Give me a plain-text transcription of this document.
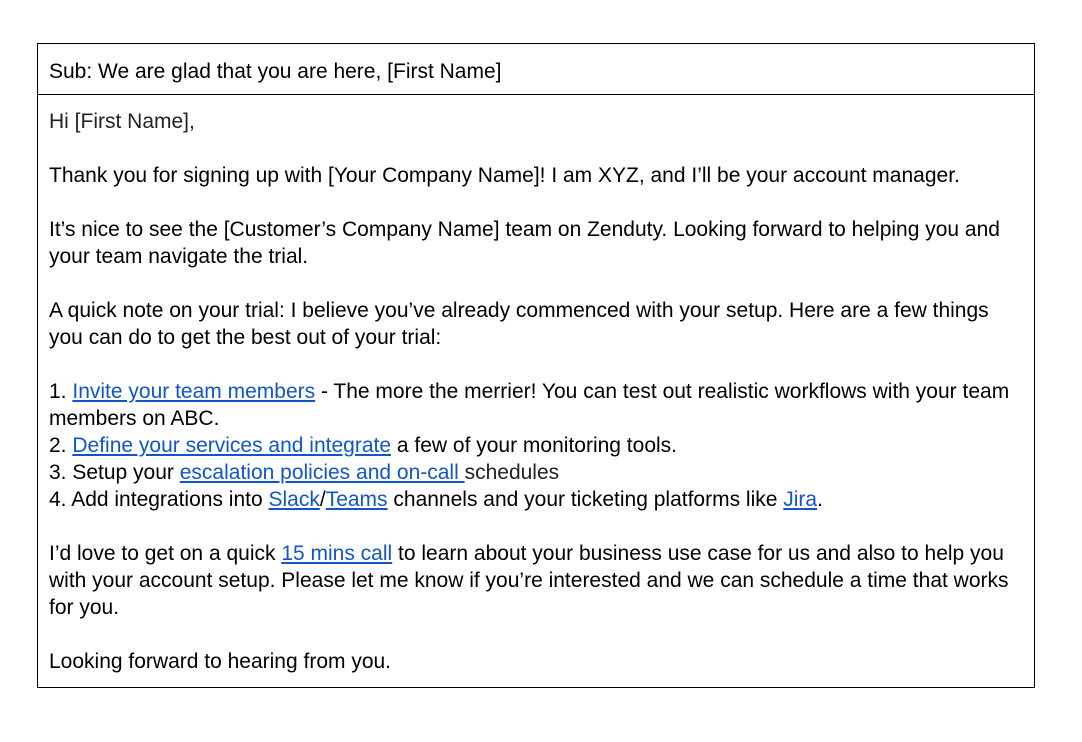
Sub: We are glad that you are here, [First Name]

Hi [First Name],

Thank you for signing up with [Your Company Name]! I am XYZ, and I’ll be your account manager.

It’s nice to see the [Customer’s Company Name] team on Zenduty. Looking forward to helping you and your team navigate the trial.

A quick note on your trial: I believe you’ve already commenced with your setup. Here are a few things you can do to get the best out of your trial:

1. Invite your team members - The more the merrier! You can test out realistic workflows with your team members on ABC.

2. Define your services and integrate a few of your monitoring tools.

3. Setup your escalation policies and on-call schedules

4. Add integrations into Slack/Teams channels and your ticketing platforms like Jira.

I’d love to get on a quick 15 mins call to learn about your business use case for us and also to help you with your account setup. Please let me know if you’re interested and we can schedule a time that works for you.

Looking forward to hearing from you.
